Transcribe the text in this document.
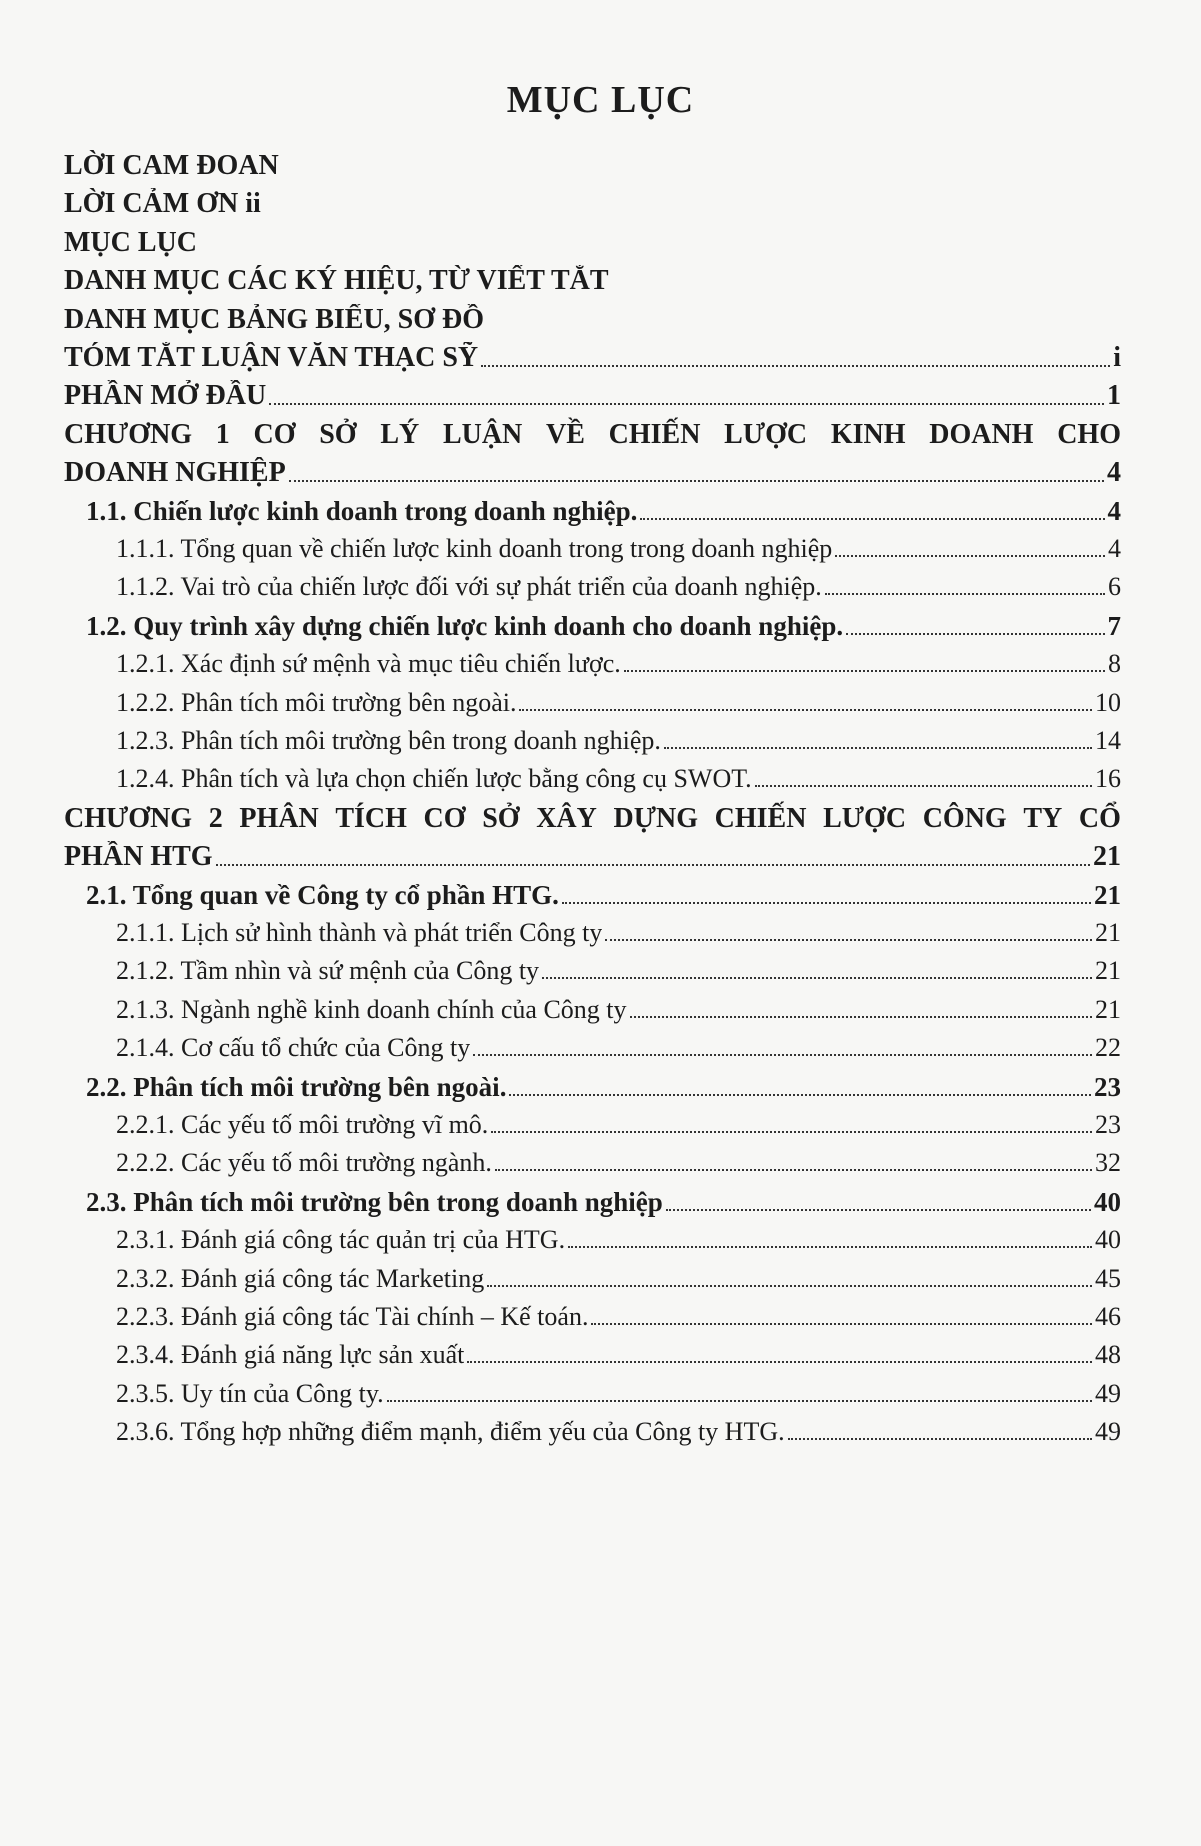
MỤC LỤC
LỜI CAM ĐOAN
LỜI CẢM ƠN ii
MỤC LỤC
DANH MỤC CÁC KÝ HIỆU, TỪ VIẾT TẮT
DANH MỤC BẢNG BIỂU, SƠ ĐỒ
TÓM TẮT LUẬN VĂN THẠC SỸ	i
PHẦN MỞ ĐẦU	1
CHƯƠNG 1 CƠ SỞ LÝ LUẬN VỀ CHIẾN LƯỢC KINH DOANH CHO
DOANH NGHIỆP	4
1.1. Chiến lược kinh doanh trong doanh nghiệp.	4
1.1.1. Tổng quan về chiến lược kinh doanh trong trong doanh nghiệp	4
1.1.2. Vai trò của chiến lược đối với sự phát triển của doanh nghiệp.	6
1.2. Quy trình xây dựng chiến lược kinh doanh cho doanh nghiệp.	7
1.2.1. Xác định sứ mệnh và mục tiêu chiến lược.	8
1.2.2. Phân tích môi trường bên ngoài.	10
1.2.3. Phân tích môi trường bên trong doanh nghiệp.	14
1.2.4. Phân tích và lựa chọn chiến lược bằng công cụ SWOT.	16
CHƯƠNG 2 PHÂN TÍCH CƠ SỞ XÂY DỰNG CHIẾN LƯỢC CÔNG TY CỔ
PHẦN HTG	21
2.1. Tổng quan về Công ty cổ phần HTG.	21
2.1.1. Lịch sử hình thành và phát triển Công ty	21
2.1.2. Tầm nhìn và sứ mệnh của Công ty	21
2.1.3. Ngành nghề kinh doanh chính của Công ty	21
2.1.4. Cơ cấu tổ chức của Công ty	22
2.2. Phân tích môi trường bên ngoài.	23
2.2.1. Các yếu tố môi trường vĩ mô.	23
2.2.2. Các yếu tố môi trường ngành.	32
2.3. Phân tích môi trường bên trong doanh nghiệp	40
2.3.1. Đánh giá công tác quản trị của HTG.	40
2.3.2. Đánh giá công tác Marketing	45
2.2.3. Đánh giá công tác Tài chính – Kế toán.	46
2.3.4. Đánh giá năng lực sản xuất	48
2.3.5. Uy tín của Công ty.	49
2.3.6. Tổng hợp những điểm mạnh, điểm yếu của Công ty HTG.	49
